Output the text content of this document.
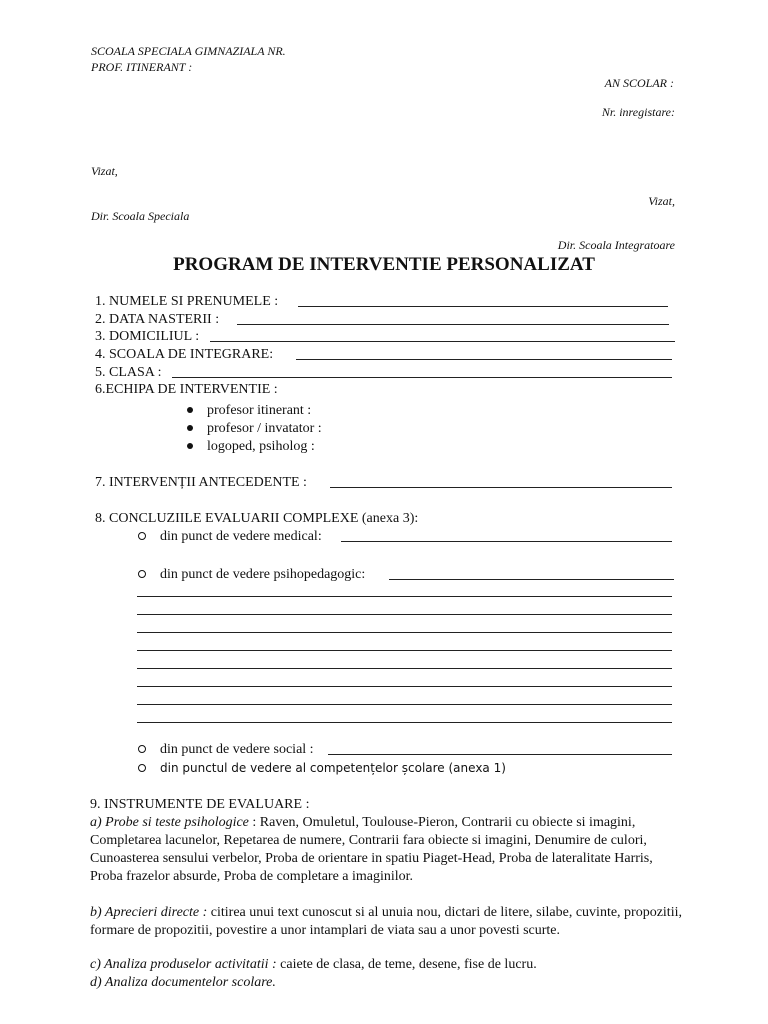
SCOALA SPECIALA GIMNAZIALA NR.
PROF. ITINERANT :
AN SCOLAR :
Nr. inregistare:
Vizat,
Vizat,
Dir. Scoala Speciala
Dir. Scoala Integratoare
PROGRAM DE INTERVENTIE PERSONALIZAT
1. NUMELE SI PRENUMELE :
2. DATA NASTERII :
3. DOMICILIUL :
4. SCOALA DE INTEGRARE:
5. CLASA :
6.ECHIPA DE INTERVENTIE :
profesor itinerant :
profesor / invatator :
logoped, psiholog :
7. INTERVENȚII ANTECEDENTE :
8. CONCLUZIILE EVALUARII COMPLEXE (anexa 3):
din punct de vedere medical:
din punct de vedere psihopedagogic:
din punct de vedere social :
din punctul de vedere al competențelor școlare (anexa 1)
9. INSTRUMENTE DE EVALUARE :
a) Probe si teste psihologice : Raven, Omuletul, Toulouse-Pieron, Contrarii cu obiecte si imagini, Completarea lacunelor, Repetarea de numere, Contrarii fara obiecte si imagini, Denumire de culori, Cunoasterea sensului verbelor, Proba de orientare in spatiu Piaget-Head, Proba de lateralitate Harris, Proba frazelor absurde, Proba de completare a imaginilor.
b) Aprecieri directe : citirea unui text cunoscut si al unuia nou, dictari de litere, silabe, cuvinte, propozitii, formare de propozitii, povestire a unor intamplari de viata sau a unor povesti scurte.
c) Analiza produselor activitatii : caiete de clasa, de teme, desene, fise de lucru.
d) Analiza documentelor scolare.
